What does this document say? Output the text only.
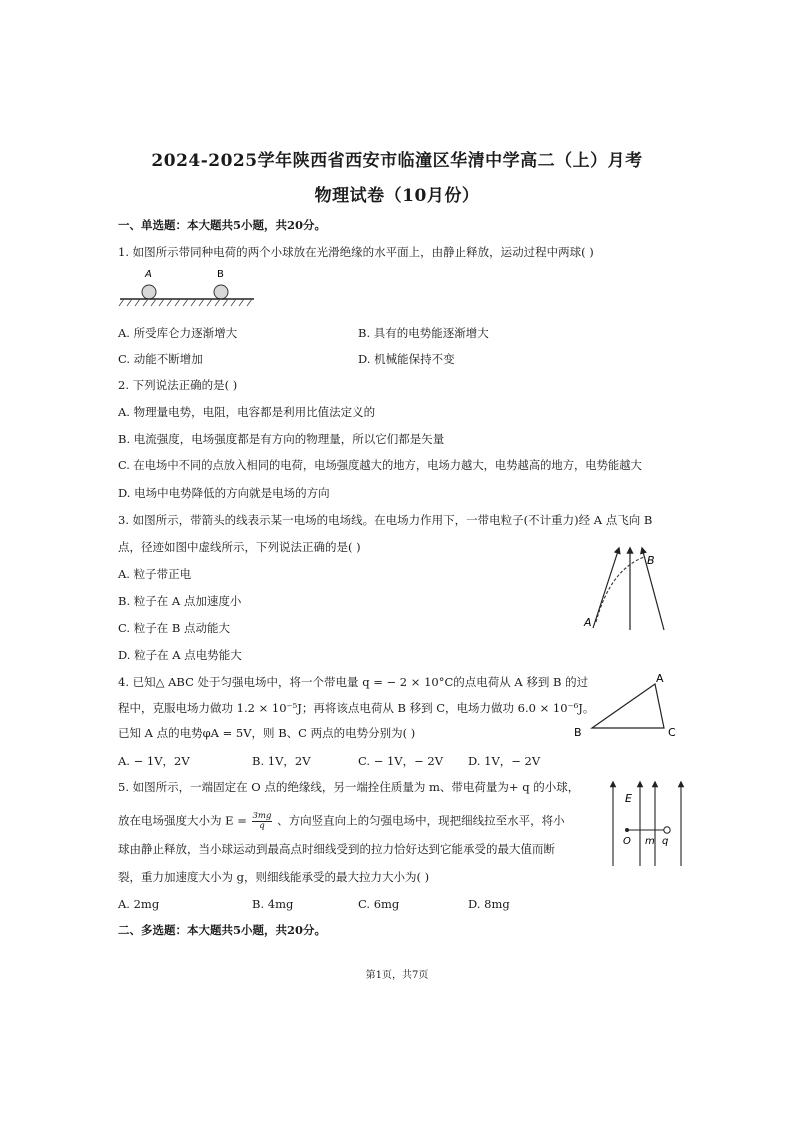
2024-2025学年陕西省西安市临潼区华清中学高二（上）月考
物理试卷（10月份）
一、单选题：本大题共5小题，共20分。
1. 如图所示带同种电荷的两个小球放在光滑绝缘的水平面上，由静止释放，运动过程中两球( )
A	B
A. 所受库仑力逐渐增大	B. 具有的电势能逐渐增大
C. 动能不断增加	D. 机械能保持不变
2. 下列说法正确的是( )
A. 物理量电势，电阻，电容都是利用比值法定义的
B. 电流强度，电场强度都是有方向的物理量，所以它们都是矢量
C. 在电场中不同的点放入相同的电荷，电场强度越大的地方，电场力越大，电势越高的地方，电势能越大
D. 电场中电势降低的方向就是电场的方向
3. 如图所示，带箭头的线表示某一电场的电场线。在电场力作用下，一带电粒子(不计重力)经 A 点飞向 B
点，径迹如图中虚线所示，下列说法正确的是( )
A. 粒子带正电
B. 粒子在 A 点加速度小
C. 粒子在 B 点动能大
D. 粒子在 A 点电势能大
A
B
4. 已知△ ABC 处于匀强电场中，将一个带电量 q = − 2 × 10°C的点电荷从 A 移到 B 的过
程中，克服电场力做功 1.2 × 10⁻⁵J；再将该点电荷从 B 移到 C，电场力做功 6.0 × 10⁻⁶J。
已知 A 点的电势φA = 5V，则 B、C 两点的电势分别为( )
A. − 1V，2V	B. 1V，2V	C. − 1V，− 2V D. 1V，− 2V
A
B	C
5. 如图所示，一端固定在 O 点的绝缘线，另一端拴住质量为 m、带电荷量为+ q 的小球，
放在电场强度大小为 $E = \frac{3mg}{q}$ 、方向竖直向上的匀强电场中，现把细线拉至水平，将小
球由静止释放，当小球运动到最高点时细线受到的拉力恰好达到它能承受的最大值而断
裂，重力加速度大小为 g，则细线能承受的最大拉力大小为( )
A. 2mg	B. 4mg	C. 6mg	D. 8mg
E
O m q
二、多选题：本大题共5小题，共20分。
第1页，共7页
